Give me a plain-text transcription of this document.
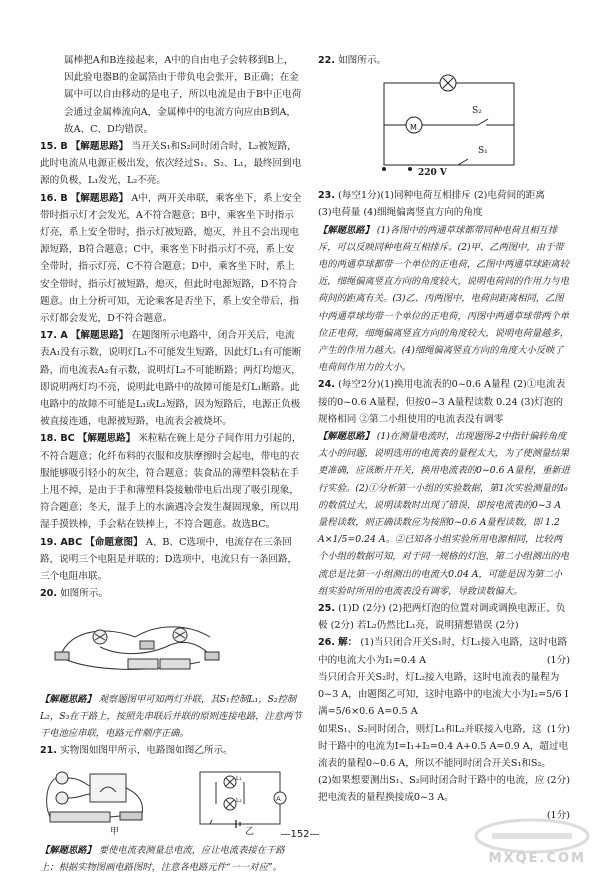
属棒把A和B连接起来，A中的自由电子会转移到B上，因此验电器B的金属箔由于带负电会张开，B正确；在金属中可以自由移动的是电子，所以电流是由于B中正电荷会通过金属棒流向A，金属棒中的电流方向应由B到A，故A、C、D均错误。

15. B 【解题思路】 当开关S₁和S₂同时闭合时，L₂被短路，此时电流从电源正极出发，依次经过S₁、S₂、L₁，最终回到电源的负极，L₁发光，L₂不亮。

16. B 【解题思路】 A中，两开关串联，乘客坐下，系上安全带时指示灯才会发光，A不符合题意；B中，乘客坐下时指示灯亮，系上安全带时，指示灯被短路，熄灭，并且不会出现电源短路，B符合题意；C中，乘客坐下时指示灯不亮，系上安全带时，指示灯亮，C不符合题意；D中，乘客坐下时，系上安全带时，指示灯被短路，熄灭，但此时电源短路，D不符合题意。由上分析可知，无论乘客是否坐下，系上安全带后，指示灯都会发光，D不符合题意。

17. A 【解题思路】 在题图所示电路中，闭合开关后，电流表A₁没有示数，说明灯L₁不可能发生短路，因此灯L₁有可能断路，而电流表A₂有示数，说明灯L₂不可能断路；两灯均熄灭，即说明两灯均不亮，说明此电路中的故障可能是灯L₁断路。此电路中的故障不可能是L₁或L₂短路，因为短路后，电源正负极被直接连通，电源被短路，电流表会被烧坏。

18. BC 【解题思路】 米粒粘在碗上是分子间作用力引起的，不符合题意；化纤布料的衣服和皮肤摩擦时会起电，带电的衣服能够吸引轻小的灰尘，符合题意；装食品的薄塑料袋粘在手上甩不掉，是由于手和薄塑料袋接触带电后出现了吸引现象，符合题意；冬天，湿手上的水滴遇冷会发生凝固现象，所以用湿手摸铁棒，手会粘在铁棒上，不符合题意。故选BC。

19. ABC 【命题意图】 A、B、C选项中，电流存在三条回路，说明三个电阻是并联的；D选项中，电流只有一条回路，三个电阻串联。

20. 如图所示。

【解题思路】 观察题图甲可知两灯并联，其S₁控制L₁，S₂控制L₂，S₃在干路上，按照先串联后并联的原则连接电路，注意两节干电池应串联，电路元件顺序正确。

21. 实物图如图甲所示，电路图如图乙所示。

A
L₁
L₂
甲	乙

【解题思路】 要使电流表测量总电流，应让电流表接在干路上；根据实物图画电路图时，注意各电路元件“一一对应”。

22. 如图所示。

M
S₂
S₁
220 V

23. (每空1分)(1)同种电荷互相排斥 (2)电荷间的距离
(3)电荷量 (4)细绳偏离竖直方向的角度

【解题思路】 (1)各图中的两通草球都带同种电荷且相互排斥，可以反映同种电荷互相排斥。(2)甲、乙两图中，由于带电的两通草球都带一个单位的正电荷，乙图中两通草球距离较近，细绳偏离竖直方向的角度较大，说明电荷间的作用力与电荷间的距离有关。(3)乙、丙两图中，电荷间距离相同，乙图中两通草球均带一个单位的正电荷，丙图中两通草球带两个单位正电荷，细绳偏离竖直方向的角度较大，说明电荷量越多，产生的作用力越大。(4)细绳偏离竖直方向的角度大小反映了电荷间作用力的大小。

24. (每空2分)(1)换用电流表的0~0.6 A量程 (2)①电流表接的0~0.6 A量程，但按0~3 A量程读数 0.24 (3)灯泡的规格相同 ②第二小组使用的电流表没有调零

【解题思路】 (1)在测量电流时，出现题图-2中指针偏转角度太小的问题，说明选用的电流表的量程太大，为了使测量结果更准确，应该断开开关，换用电流表的0~0.6 A量程，重新进行实验。(2)①分析第一小组的实验数据，第1次实验测量的I₀的数值过大，说明读数时出现了错误，即按电流表的0~3 A量程读数，则正确读数应为按照0~0.6 A量程读数，即 1.2 A×1/5=0.24 A。②已知各小组实验所用电源相同，比较两个小组的数据可知，对于同一规格的灯泡，第二小组测出的电流总是比第一小组测出的电流大0.04 A，可能是因为第二小组实验时所用的电流表没有调零，导致读数偏大。

25. (1)D (2分) (2)把两灯泡的位置对调或调换电源正、负极 (2分) 若L₂仍然比L₁亮，说明猜想错误 (2分)

26. 解： (1)当只闭合开关S₁时，灯L₁接入电路，这时电路中的电流大小为I₁=0.4 A	(1分)

当只闭合开关S₂时，灯L₂接入电路，这时电流表的量程为0~3 A，由题图乙可知，这时电路中的电流大小为I₂=5/6 I满=5/6×0.6 A=0.5 A

(1分)

如果S₁、S₂同时闭合，则灯L₁和L₂并联接入电路，这时干路中的电流为I=I₁+I₂=0.4 A+0.5 A=0.9 A，超过电流表的量程0~0.6 A，所以不能同时闭合开关S₁和S₂。

(2分)

(2)如果想要测出S₁、S₂同时闭合时干路中的电流，应把电流表的量程换接成0~3 A。

(1分)
—152—
MXQE.COM
